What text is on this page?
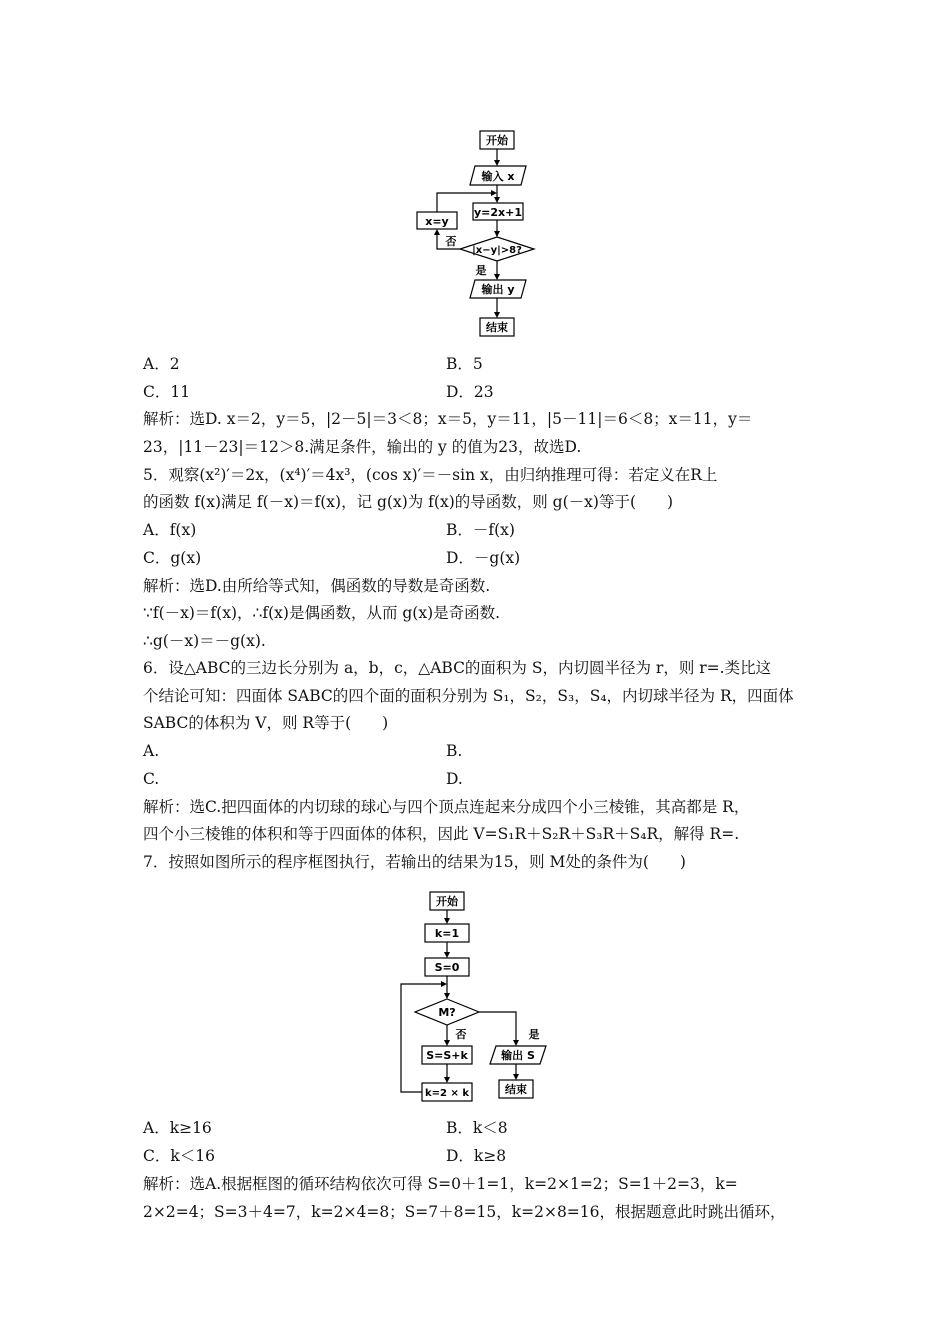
开始
输入 x
y=2x+1
|x−y|>8?
输出 y
结束
x=y
否
是
开始
k=1
S=0
M?
否	是
S=S+k	输出 S
k=2 × k	结束
A．2	B．5
C．11	D．23
解析：选D. x＝2，y＝5，|2－5|＝3＜8；x＝5，y＝11，|5－11|＝6＜8；x＝11，y＝
23，|11－23|＝12＞8.满足条件，输出的 y 的值为23，故选D.
5．观察(x²)′＝2x，(x⁴)′＝4x³，(cos x)′＝－sin x，由归纳推理可得：若定义在R上
的函数 f(x)满足 f(－x)＝f(x)，记 g(x)为 f(x)的导函数，则 g(－x)等于(　　)
A．f(x)	B．－f(x)
C．g(x)	D．－g(x)
解析：选D.由所给等式知，偶函数的导数是奇函数.
∵f(－x)＝f(x)，∴f(x)是偶函数，从而 g(x)是奇函数.
∴g(－x)＝－g(x).
6．设△ABC的三边长分别为 a，b，c，△ABC的面积为 S，内切圆半径为 r，则 r=.类比这
个结论可知：四面体 SABC的四个面的面积分别为 S₁，S₂，S₃，S₄，内切球半径为 R，四面体
SABC的体积为 V，则 R等于(　　)
A.	B.
C.	D.
解析：选C.把四面体的内切球的球心与四个顶点连起来分成四个小三棱锥，其高都是 R，
四个小三棱锥的体积和等于四面体的体积，因此 V=S₁R＋S₂R＋S₃R＋S₄R，解得 R=.
7．按照如图所示的程序框图执行，若输出的结果为15，则 M处的条件为(　　)
A．k≥16	B．k＜8
C．k＜16	D．k≥8
解析：选A.根据框图的循环结构依次可得 S=0＋1=1，k=2×1=2；S=1＋2=3，k=
2×2=4；S=3＋4=7，k=2×4=8；S=7＋8=15，k=2×8=16，根据题意此时跳出循环，
